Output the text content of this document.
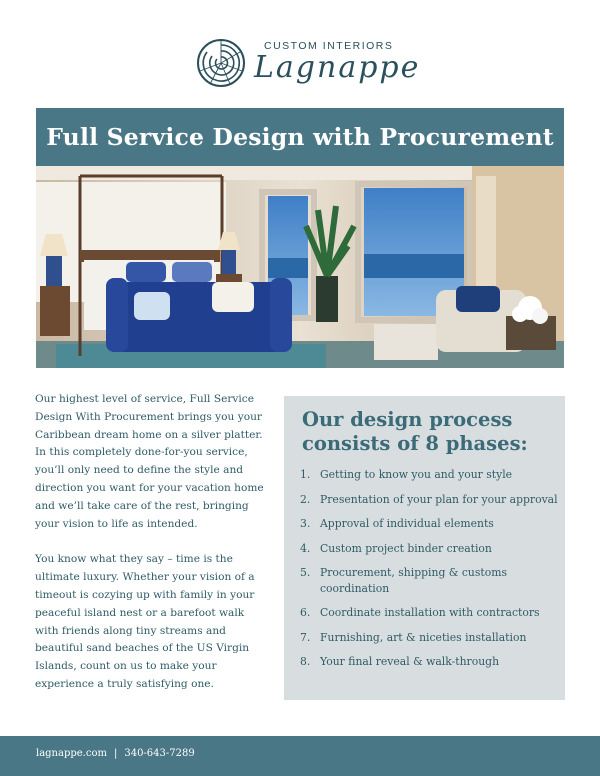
CUSTOM INTERIORS
Lagnappe
Full Service Design with Procurement

Our highest level of service, Full Service Design With Procurement brings you your Caribbean dream home on a silver platter. In this completely done-for-you service, you’ll only need to define the style and direction you want for your vacation home and we’ll take care of the rest, bringing your vision to life as intended.

You know what they say – time is the ultimate luxury. Whether your vision of a timeout is cozying up with family in your peaceful island nest or a barefoot walk with friends along tiny streams and beautiful sand beaches of the US Virgin Islands, count on us to make your experience a truly satisfying one.

Our design process consists of 8 phases:
1. Getting to know you and your style
2. Presentation of your plan for your approval
3. Approval of individual elements
4. Custom project binder creation
5. Procurement, shipping & customs coordination
6. Coordinate installation with contractors
7. Furnishing, art & niceties installation
8. Your final reveal & walk-through
lagnappe.com | 340-643-7289
